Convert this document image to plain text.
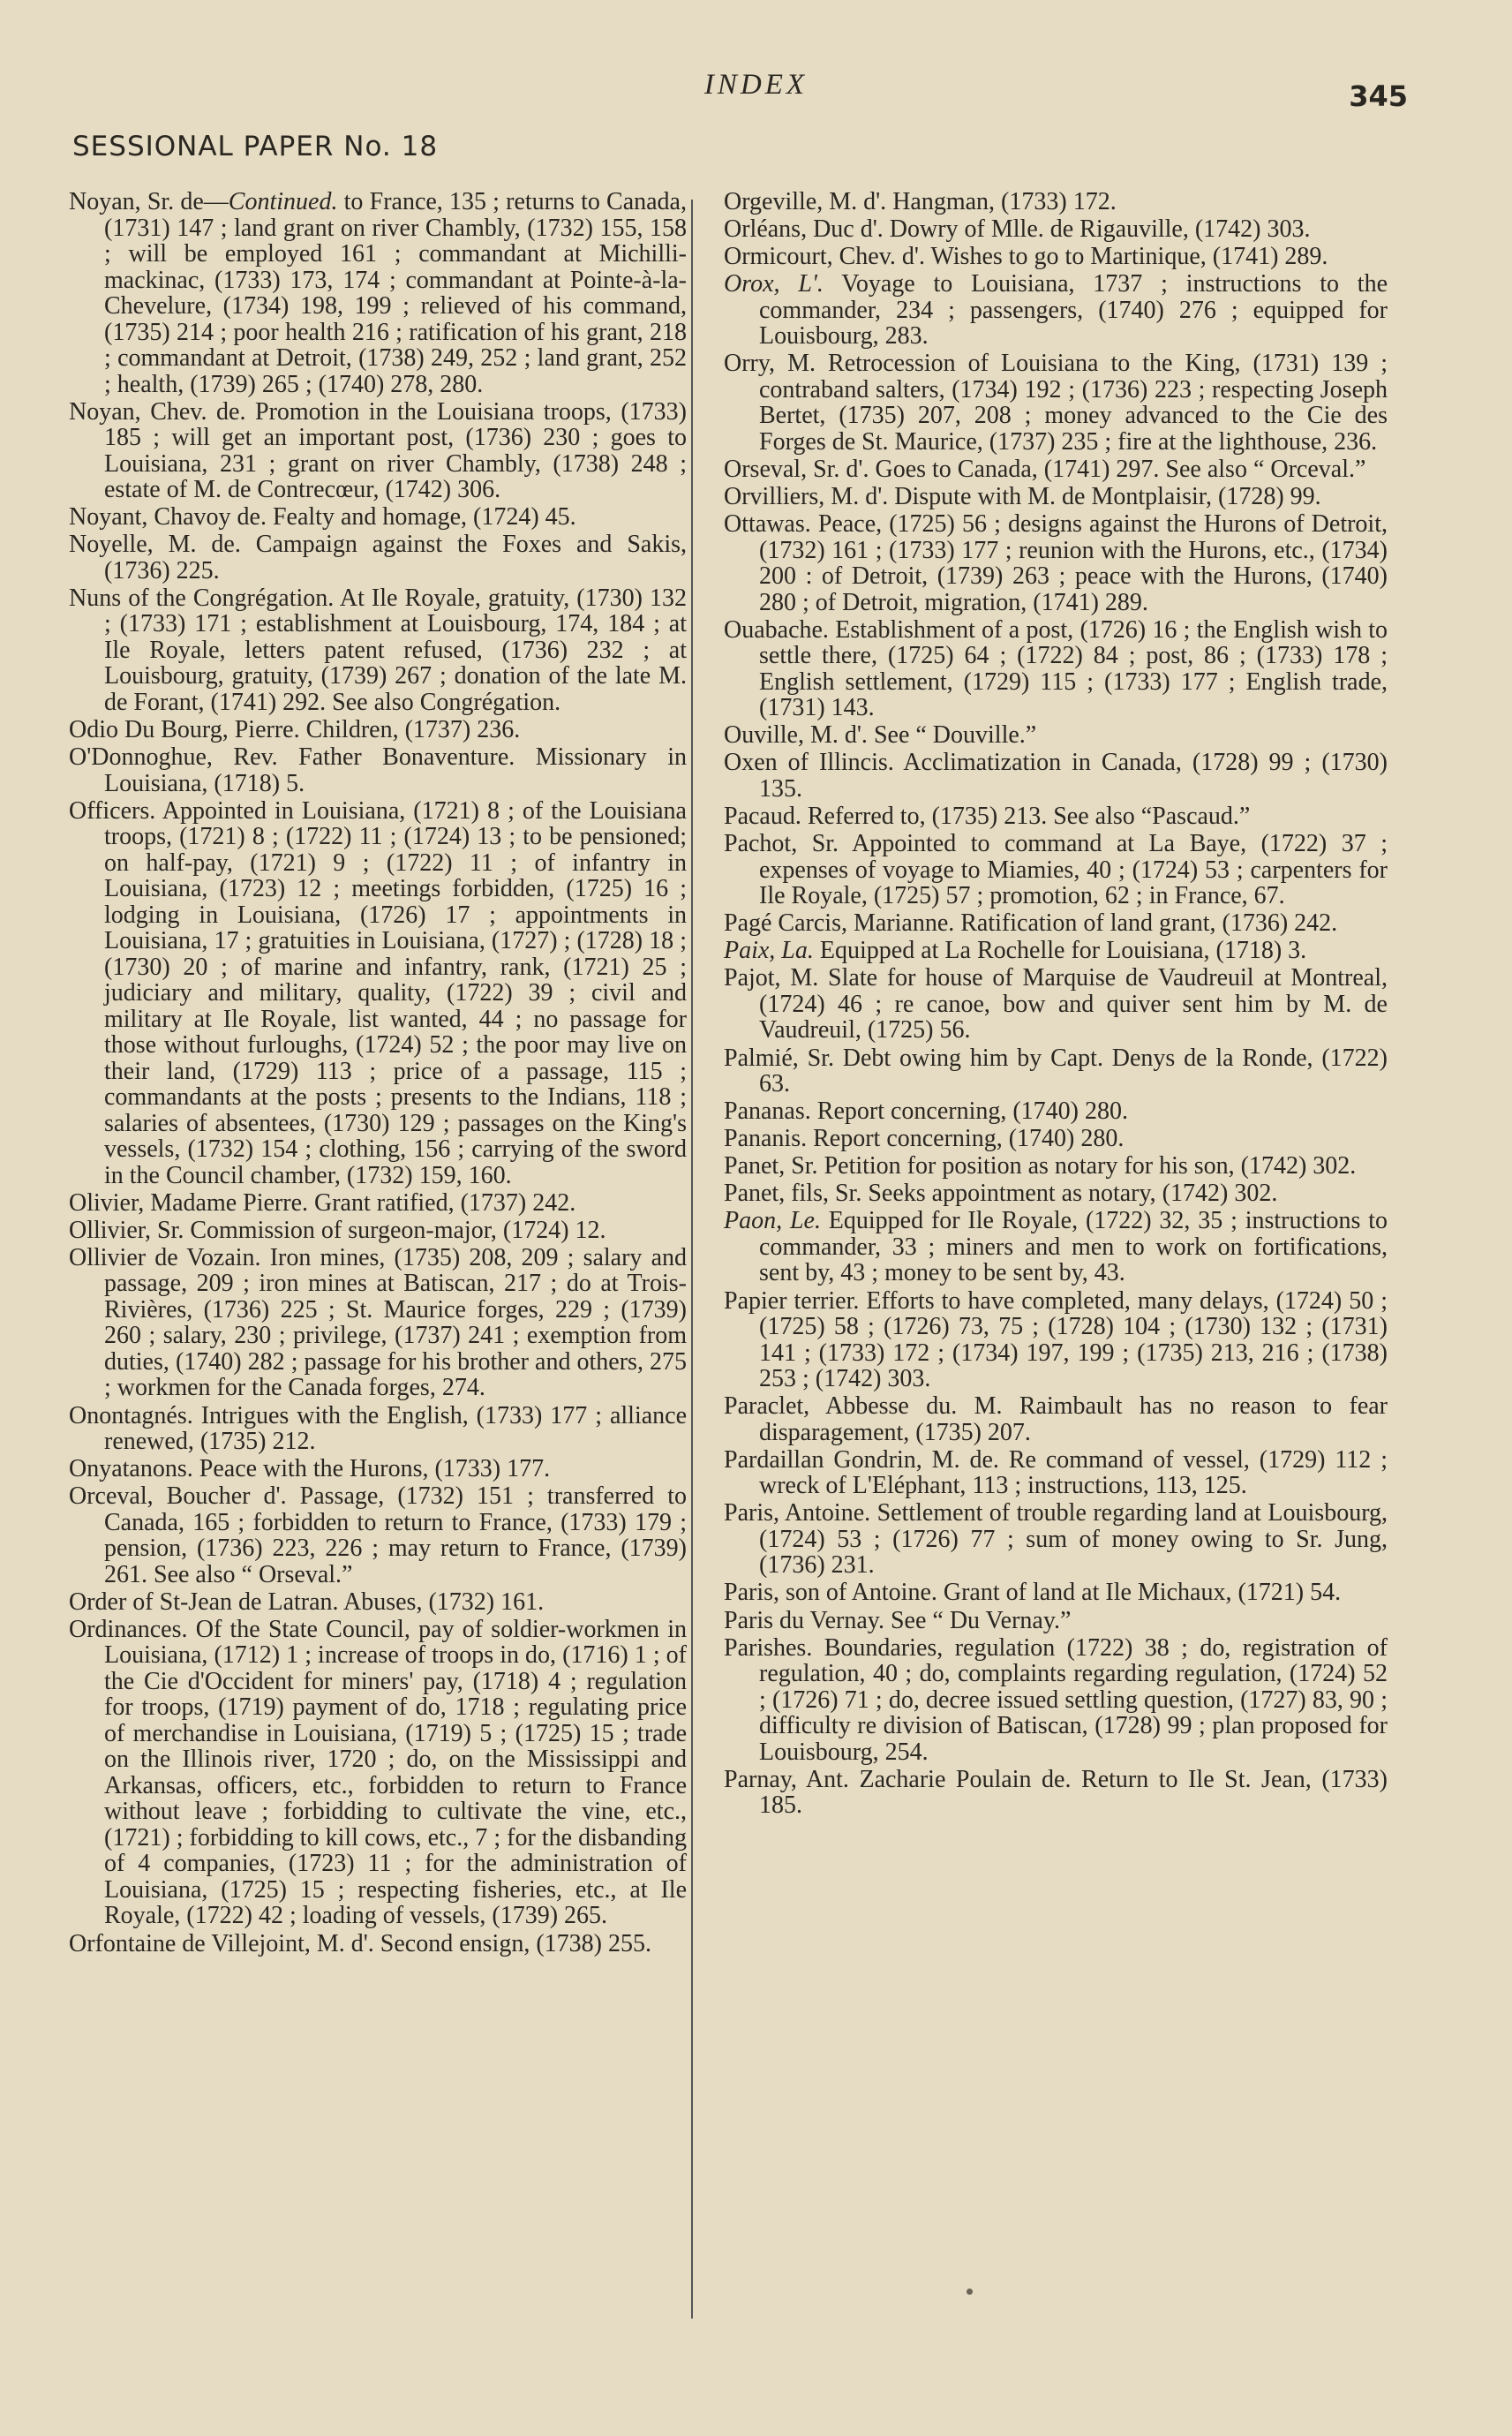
INDEX	345
SESSIONAL PAPER No. 18

Noyan, Sr. de—Continued. to France, 135 ; returns to Canada, (1731) 147 ; land grant on river Chambly, (1732) 155, 158 ; will be employed 161 ; commandant at Michilli-mackinac, (1733) 173, 174 ; commandant at Pointe-à-la-Chevelure, (1734) 198, 199 ; relieved of his command, (1735) 214 ; poor health 216 ; ratification of his grant, 218 ; commandant at Detroit, (1738) 249, 252 ; land grant, 252 ; health, (1739) 265 ; (1740) 278, 280.

Noyan, Chev. de. Promotion in the Louisiana troops, (1733) 185 ; will get an important post, (1736) 230 ; goes to Louisiana, 231 ; grant on river Chambly, (1738) 248 ; estate of M. de Contrecœur, (1742) 306.

Noyant, Chavoy de. Fealty and homage, (1724) 45.

Noyelle, M. de. Campaign against the Foxes and Sakis, (1736) 225.

Nuns of the Congrégation. At Ile Royale, gratuity, (1730) 132 ; (1733) 171 ; establishment at Louisbourg, 174, 184 ; at Ile Royale, letters patent refused, (1736) 232 ; at Louisbourg, gratuity, (1739) 267 ; donation of the late M. de Forant, (1741) 292. See also Congrégation.

Odio Du Bourg, Pierre. Children, (1737) 236.

O'Donnoghue, Rev. Father Bonaventure. Missionary in Louisiana, (1718) 5.

Officers. Appointed in Louisiana, (1721) 8 ; of the Louisiana troops, (1721) 8 ; (1722) 11 ; (1724) 13 ; to be pensioned; on half-pay, (1721) 9 ; (1722) 11 ; of infantry in Louisiana, (1723) 12 ; meetings forbidden, (1725) 16 ; lodging in Louisiana, (1726) 17 ; appointments in Louisiana, 17 ; gratuities in Louisiana, (1727) ; (1728) 18 ; (1730) 20 ; of marine and infantry, rank, (1721) 25 ; judiciary and military, quality, (1722) 39 ; civil and military at Ile Royale, list wanted, 44 ; no passage for those without furloughs, (1724) 52 ; the poor may live on their land, (1729) 113 ; price of a passage, 115 ; commandants at the posts ; presents to the Indians, 118 ; salaries of absentees, (1730) 129 ; passages on the King's vessels, (1732) 154 ; clothing, 156 ; carrying of the sword in the Council chamber, (1732) 159, 160.

Olivier, Madame Pierre. Grant ratified, (1737) 242.

Ollivier, Sr. Commission of surgeon-major, (1724) 12.

Ollivier de Vozain. Iron mines, (1735) 208, 209 ; salary and passage, 209 ; iron mines at Batiscan, 217 ; do at Trois-Rivières, (1736) 225 ; St. Maurice forges, 229 ; (1739) 260 ; salary, 230 ; privilege, (1737) 241 ; exemption from duties, (1740) 282 ; passage for his brother and others, 275 ; workmen for the Canada forges, 274.

Onontagnés. Intrigues with the English, (1733) 177 ; alliance renewed, (1735) 212.

Onyatanons. Peace with the Hurons, (1733) 177.

Orceval, Boucher d'. Passage, (1732) 151 ; transferred to Canada, 165 ; forbidden to return to France, (1733) 179 ; pension, (1736) 223, 226 ; may return to France, (1739) 261. See also “ Orseval.”

Order of St-Jean de Latran. Abuses, (1732) 161.

Ordinances. Of the State Council, pay of soldier-workmen in Louisiana, (1712) 1 ; increase of troops in do, (1716) 1 ; of the Cie d'Occident for miners' pay, (1718) 4 ; regulation for troops, (1719) payment of do, 1718 ; regulating price of merchandise in Louisiana, (1719) 5 ; (1725) 15 ; trade on the Illinois river, 1720 ; do, on the Mississippi and Arkansas, officers, etc., forbidden to return to France without leave ; forbidding to cultivate the vine, etc., (1721) ; forbidding to kill cows, etc., 7 ; for the disbanding of 4 companies, (1723) 11 ; for the administration of Louisiana, (1725) 15 ; respecting fisheries, etc., at Ile Royale, (1722) 42 ; loading of vessels, (1739) 265.

Orfontaine de Villejoint, M. d'. Second ensign, (1738) 255.

Orgeville, M. d'. Hangman, (1733) 172.

Orléans, Duc d'. Dowry of Mlle. de Rigauville, (1742) 303.

Ormicourt, Chev. d'. Wishes to go to Martinique, (1741) 289.

Orox, L'. Voyage to Louisiana, 1737 ; instructions to the commander, 234 ; passengers, (1740) 276 ; equipped for Louisbourg, 283.

Orry, M. Retrocession of Louisiana to the King, (1731) 139 ; contraband salters, (1734) 192 ; (1736) 223 ; respecting Joseph Bertet, (1735) 207, 208 ; money advanced to the Cie des Forges de St. Maurice, (1737) 235 ; fire at the lighthouse, 236.

Orseval, Sr. d'. Goes to Canada, (1741) 297. See also “ Orceval.”

Orvilliers, M. d'. Dispute with M. de Montplaisir, (1728) 99.

Ottawas. Peace, (1725) 56 ; designs against the Hurons of Detroit, (1732) 161 ; (1733) 177 ; reunion with the Hurons, etc., (1734) 200 : of Detroit, (1739) 263 ; peace with the Hurons, (1740) 280 ; of Detroit, migration, (1741) 289.

Ouabache. Establishment of a post, (1726) 16 ; the English wish to settle there, (1725) 64 ; (1722) 84 ; post, 86 ; (1733) 178 ; English settlement, (1729) 115 ; (1733) 177 ; English trade, (1731) 143.

Ouville, M. d'. See “ Douville.”

Oxen of Illincis. Acclimatization in Canada, (1728) 99 ; (1730) 135.

Pacaud. Referred to, (1735) 213. See also “Pascaud.”

Pachot, Sr. Appointed to command at La Baye, (1722) 37 ; expenses of voyage to Miamies, 40 ; (1724) 53 ; carpenters for Ile Royale, (1725) 57 ; promotion, 62 ; in France, 67.

Pagé Carcis, Marianne. Ratification of land grant, (1736) 242.

Paix, La. Equipped at La Rochelle for Louisiana, (1718) 3.

Pajot, M. Slate for house of Marquise de Vaudreuil at Montreal, (1724) 46 ; re canoe, bow and quiver sent him by M. de Vaudreuil, (1725) 56.

Palmié, Sr. Debt owing him by Capt. Denys de la Ronde, (1722) 63.

Pananas. Report concerning, (1740) 280.

Pananis. Report concerning, (1740) 280.

Panet, Sr. Petition for position as notary for his son, (1742) 302.

Panet, fils, Sr. Seeks appointment as notary, (1742) 302.

Paon, Le. Equipped for Ile Royale, (1722) 32, 35 ; instructions to commander, 33 ; miners and men to work on fortifications, sent by, 43 ; money to be sent by, 43.

Papier terrier. Efforts to have completed, many delays, (1724) 50 ; (1725) 58 ; (1726) 73, 75 ; (1728) 104 ; (1730) 132 ; (1731) 141 ; (1733) 172 ; (1734) 197, 199 ; (1735) 213, 216 ; (1738) 253 ; (1742) 303.

Paraclet, Abbesse du. M. Raimbault has no reason to fear disparagement, (1735) 207.

Pardaillan Gondrin, M. de. Re command of vessel, (1729) 112 ; wreck of L'Eléphant, 113 ; instructions, 113, 125.

Paris, Antoine. Settlement of trouble regarding land at Louisbourg, (1724) 53 ; (1726) 77 ; sum of money owing to Sr. Jung, (1736) 231.

Paris, son of Antoine. Grant of land at Ile Michaux, (1721) 54.

Paris du Vernay. See “ Du Vernay.”

Parishes. Boundaries, regulation (1722) 38 ; do, registration of regulation, 40 ; do, complaints regarding regulation, (1724) 52 ; (1726) 71 ; do, decree issued settling question, (1727) 83, 90 ; difficulty re division of Batiscan, (1728) 99 ; plan proposed for Louisbourg, 254.

Parnay, Ant. Zacharie Poulain de. Return to Ile St. Jean, (1733) 185.
